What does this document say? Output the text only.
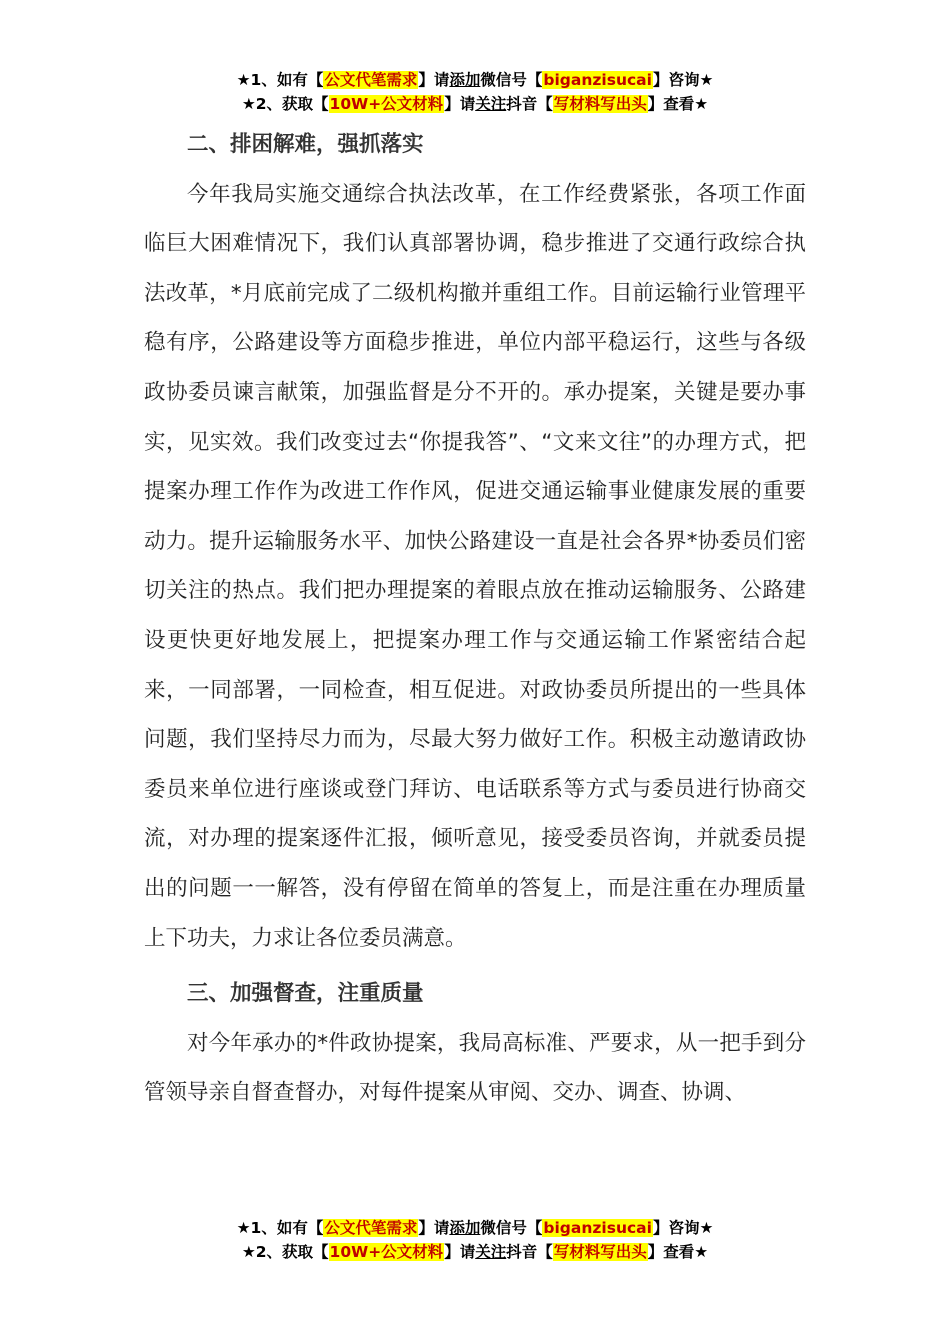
★1、如有【公文代笔需求】请添加微信号【biganzisucai】咨询★
★2、获取【10W+公文材料】请关注抖音【写材料写出头】查看★

二、排困解难，强抓落实

今年我局实施交通综合执法改革，在工作经费紧张，各项工作面临巨大困难情况下，我们认真部署协调，稳步推进了交通行政综合执法改革，*月底前完成了二级机构撤并重组工作。目前运输行业管理平稳有序，公路建设等方面稳步推进，单位内部平稳运行，这些与各级政协委员谏言献策，加强监督是分不开的。承办提案，关键是要办事实，见实效。我们改变过去“你提我答”、“文来文往”的办理方式，把提案办理工作作为改进工作作风，促进交通运输事业健康发展的重要动力。提升运输服务水平、加快公路建设一直是社会各界*协委员们密切关注的热点。我们把办理提案的着眼点放在推动运输服务、公路建设更快更好地发展上，把提案办理工作与交通运输工作紧密结合起来，一同部署，一同检查，相互促进。对政协委员所提出的一些具体问题，我们坚持尽力而为，尽最大努力做好工作。积极主动邀请政协委员来单位进行座谈或登门拜访、电话联系等方式与委员进行协商交流，对办理的提案逐件汇报，倾听意见，接受委员咨询，并就委员提出的问题一一解答，没有停留在简单的答复上，而是注重在办理质量上下功夫，力求让各位委员满意。

三、加强督查，注重质量

对今年承办的*件政协提案，我局高标准、严要求，从一把手到分管领导亲自督查督办，对每件提案从审阅、交办、调查、协调、

★1、如有【公文代笔需求】请添加微信号【biganzisucai】咨询★
★2、获取【10W+公文材料】请关注抖音【写材料写出头】查看★
